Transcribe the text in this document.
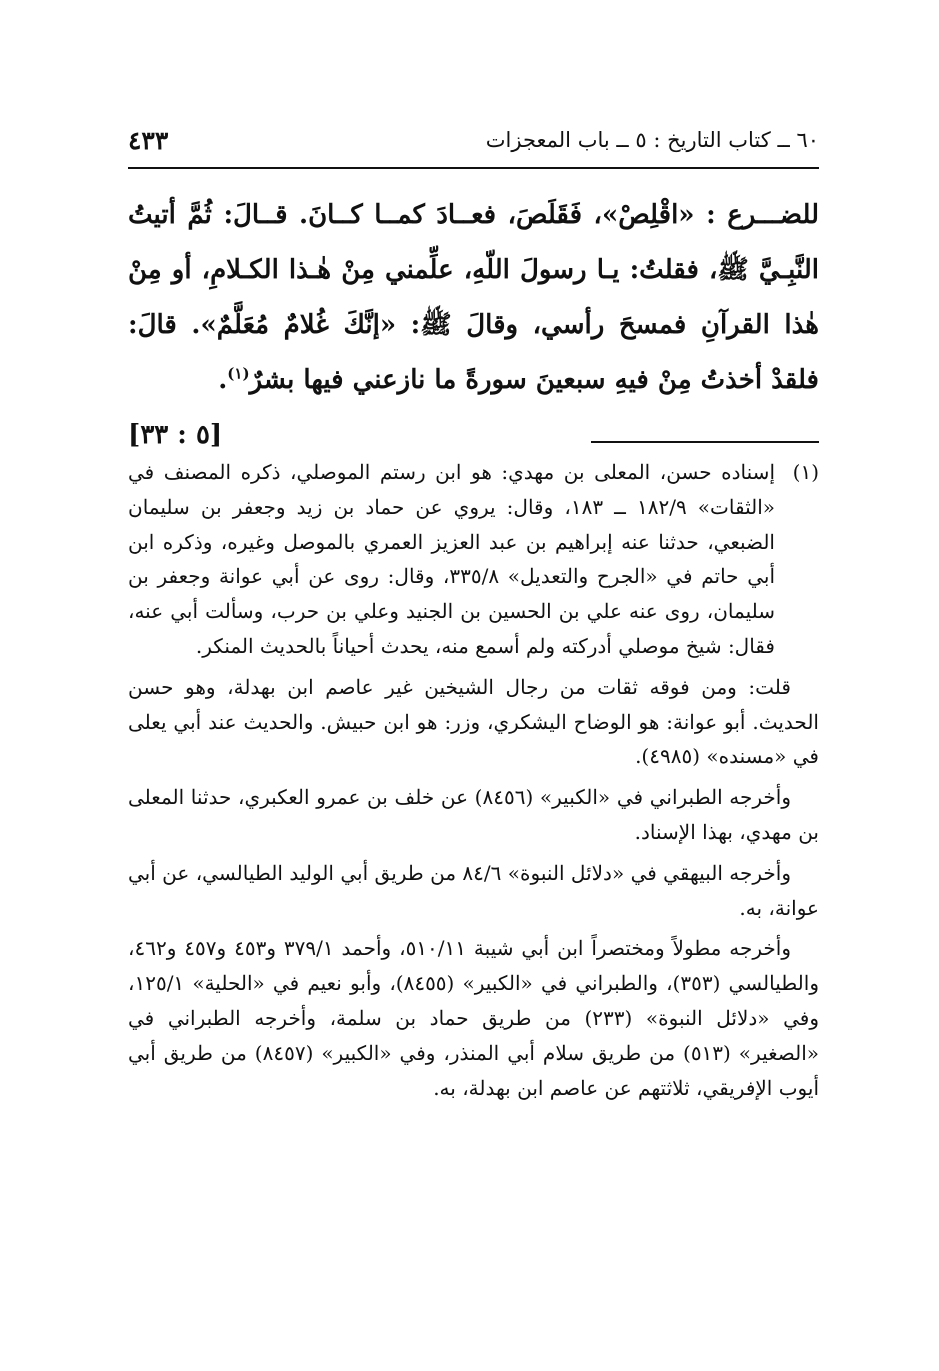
٦٠ ــ كتاب التاريخ : ٥ ــ باب المعجزات
٤٣٣
للضـــرع : «اقْلِصْ»، فَقَلَصَ، فعــادَ كمــا كــانَ. قــالَ: ثُمَّ أتيتُ النَّبِـيَّ ﷺ، فقلتُ: يـا رسولَ اللّهِ، علِّمني مِنْ هٰـذا الكـلامِ، أو مِنْ هٰذا القرآنِ فمسحَ رأسي، وقالَ ﷺ: «إنَّكَ غُلامٌ مُعَلَّمٌ». قالَ: فلقدْ أخذتُ مِنْ فيهِ سبعينَ سورةً ما نازعني فيها بشرٌ$^{(١)}$.
[٥ : ٣٣]
(١)
إسناده حسن، المعلى بن مهدي: هو ابن رستم الموصلي، ذكره المصنف في «الثقات» ١٨٢/٩ ــ ١٨٣، وقال: يروي عن حماد بن زيد وجعفر بن سليمان الضبعي، حدثنا عنه إبراهيم بن عبد العزيز العمري بالموصل وغيره، وذكره ابن أبي حاتم في «الجرح والتعديل» ٣٣٥/٨، وقال: روى عن أبي عوانة وجعفر بن سليمان، روى عنه علي بن الحسين بن الجنيد وعلي بن حرب، وسألت أبي عنه، فقال: شيخ موصلي أدركته ولم أسمع منه، يحدث أحياناً بالحديث المنكر.
قلت: ومن فوقه ثقات من رجال الشيخين غير عاصم ابن بهدلة، وهو حسن الحديث. أبو عوانة: هو الوضاح اليشكري، وزر: هو ابن حبيش. والحديث عند أبي يعلى في «مسنده» (٤٩٨٥).
وأخرجه الطبراني في «الكبير» (٨٤٥٦) عن خلف بن عمرو العكبري، حدثنا المعلى بن مهدي، بهذا الإسناد.
وأخرجه البيهقي في «دلائل النبوة» ٨٤/٦ من طريق أبي الوليد الطيالسي، عن أبي عوانة، به.
وأخرجه مطولاً ومختصراً ابن أبي شيبة ٥١٠/١١، وأحمد ٣٧٩/١ و٤٥٣ و٤٥٧ و٤٦٢، والطيالسي (٣٥٣)، والطبراني في «الكبير» (٨٤٥٥)، وأبو نعيم في «الحلية» ١٢٥/١، وفي «دلائل النبوة» (٢٣٣) من طريق حماد بن سلمة، وأخرجه الطبراني في «الصغير» (٥١٣) من طريق سلام أبي المنذر، وفي «الكبير» (٨٤٥٧) من طريق أبي أيوب الإفريقي، ثلاثتهم عن عاصم ابن بهدلة، به.
